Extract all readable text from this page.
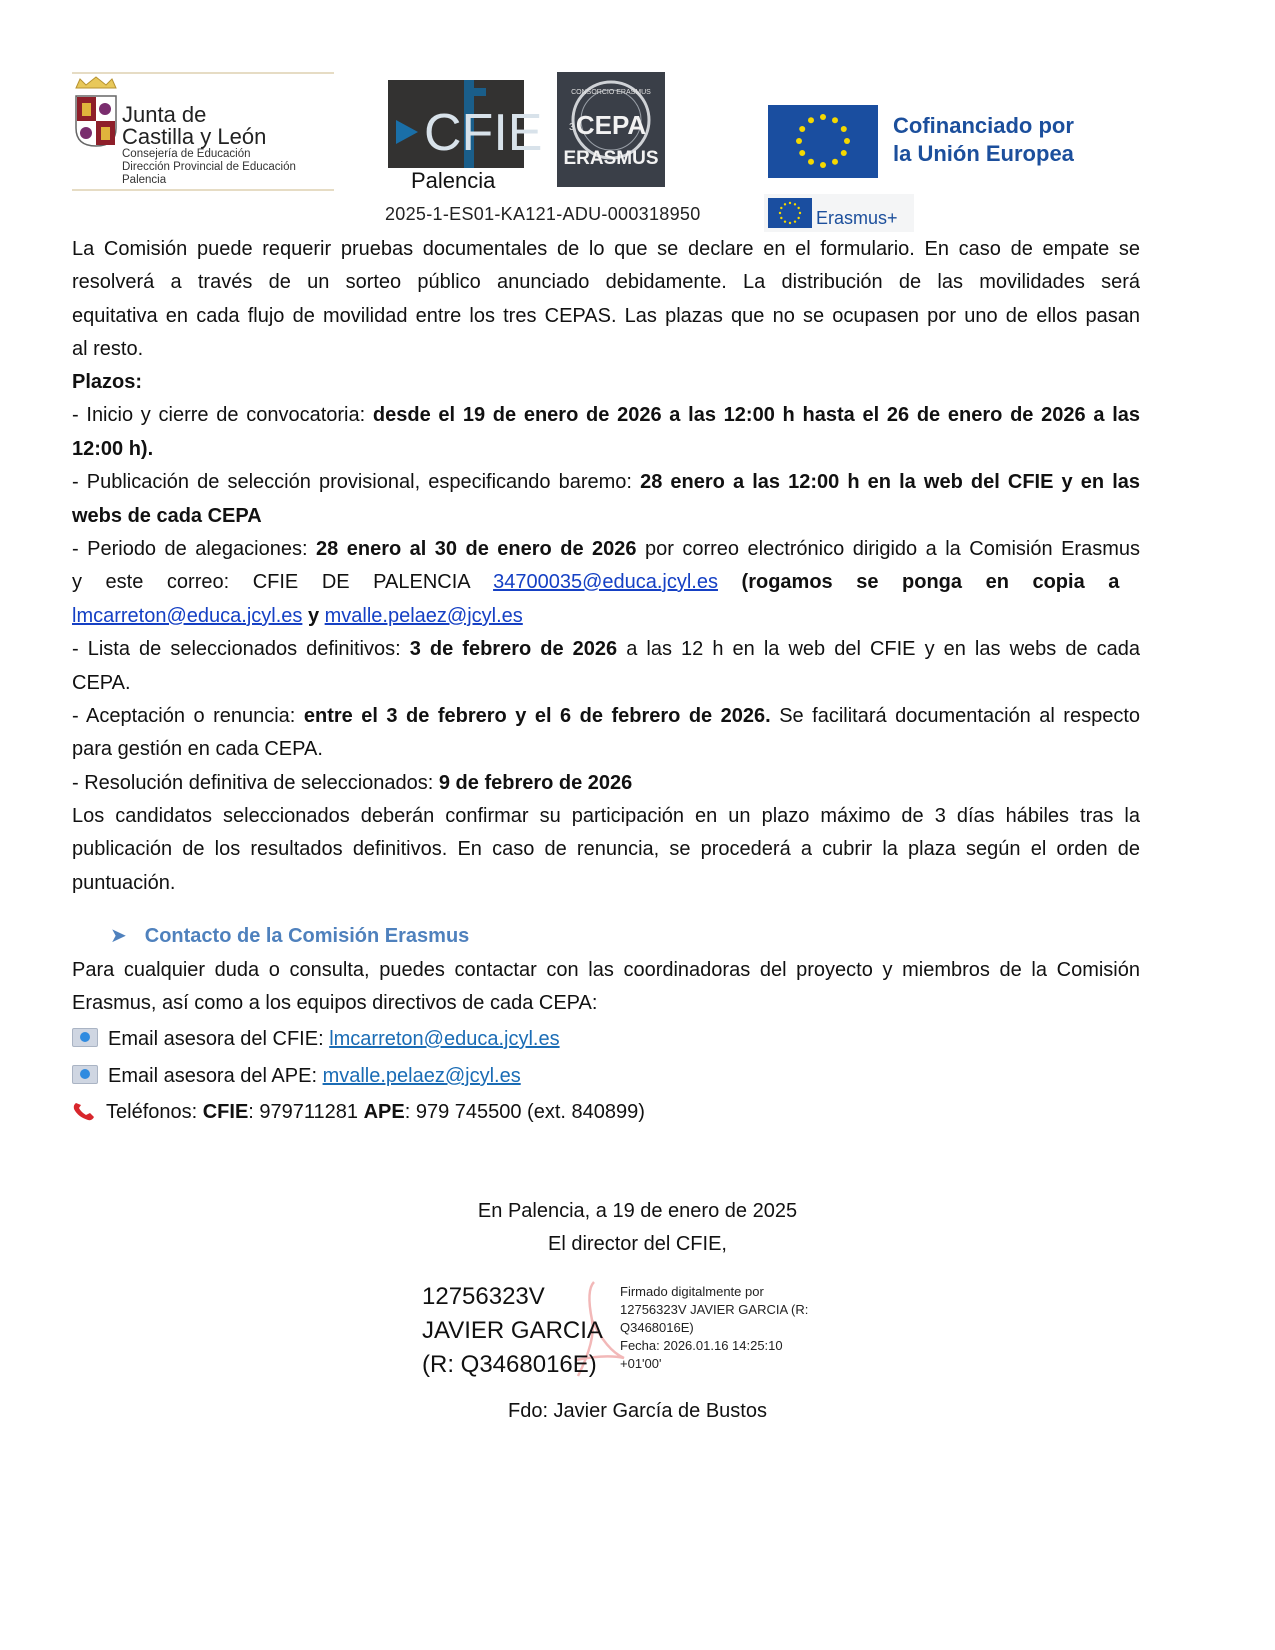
Junta de
Castilla y León
Consejería de Educación
Dirección Provincial de Educación
Palencia
CFIE
Palencia
CONSORCIO ERASMUS
CEPA
3
ERASMUS
Cofinanciado por
la Unión Europea
2025-1-ES01-KA121-ADU-000318950	Erasmus+
La Comisión puede requerir pruebas documentales de lo que se declare en el formulario. En caso de empate se
resolverá a través de un sorteo público anunciado debidamente. La distribución de las movilidades será
equitativa en cada flujo de movilidad entre los tres CEPAS. Las plazas que no se ocupasen por uno de ellos pasan
al resto.
Plazos:
- Inicio y cierre de convocatoria: desde el 19 de enero de 2026 a las 12:00 h hasta el 26 de enero de 2026 a las
12:00 h).
- Publicación de selección provisional, especificando baremo: 28 enero a las 12:00 h en la web del CFIE y en las
webs de cada CEPA
- Periodo de alegaciones: 28 enero al 30 de enero de 2026 por correo electrónico dirigido a la Comisión Erasmus
y este correo: CFIE DE PALENCIA 34700035@educa.jcyl.es (rogamos se ponga en copia a
lmcarreton@educa.jcyl.es y mvalle.pelaez@jcyl.es
- Lista de seleccionados definitivos: 3 de febrero de 2026 a las 12 h en la web del CFIE y en las webs de cada
CEPA.
- Aceptación o renuncia: entre el 3 de febrero y el 6 de febrero de 2026. Se facilitará documentación al respecto
para gestión en cada CEPA.
- Resolución definitiva de seleccionados: 9 de febrero de 2026
Los candidatos seleccionados deberán confirmar su participación en un plazo máximo de 3 días hábiles tras la
publicación de los resultados definitivos. En caso de renuncia, se procederá a cubrir la plaza según el orden de
puntuación.
➤ Contacto de la Comisión Erasmus
Para cualquier duda o consulta, puedes contactar con las coordinadoras del proyecto y miembros de la Comisión
Erasmus, así como a los equipos directivos de cada CEPA:
Email asesora del CFIE: lmcarreton@educa.jcyl.es
Email asesora del APE: mvalle.pelaez@jcyl.es
Teléfonos: CFIE: 979711281 APE: 979 745500 (ext. 840899)
En Palencia, a 19 de enero de 2025
El director del CFIE,
12756323V
JAVIER GARCIA
(R: Q3468016E)
Firmado digitalmente por
12756323V JAVIER GARCIA (R:
Q3468016E)
Fecha: 2026.01.16 14:25:10
+01'00'
Fdo: Javier García de Bustos
